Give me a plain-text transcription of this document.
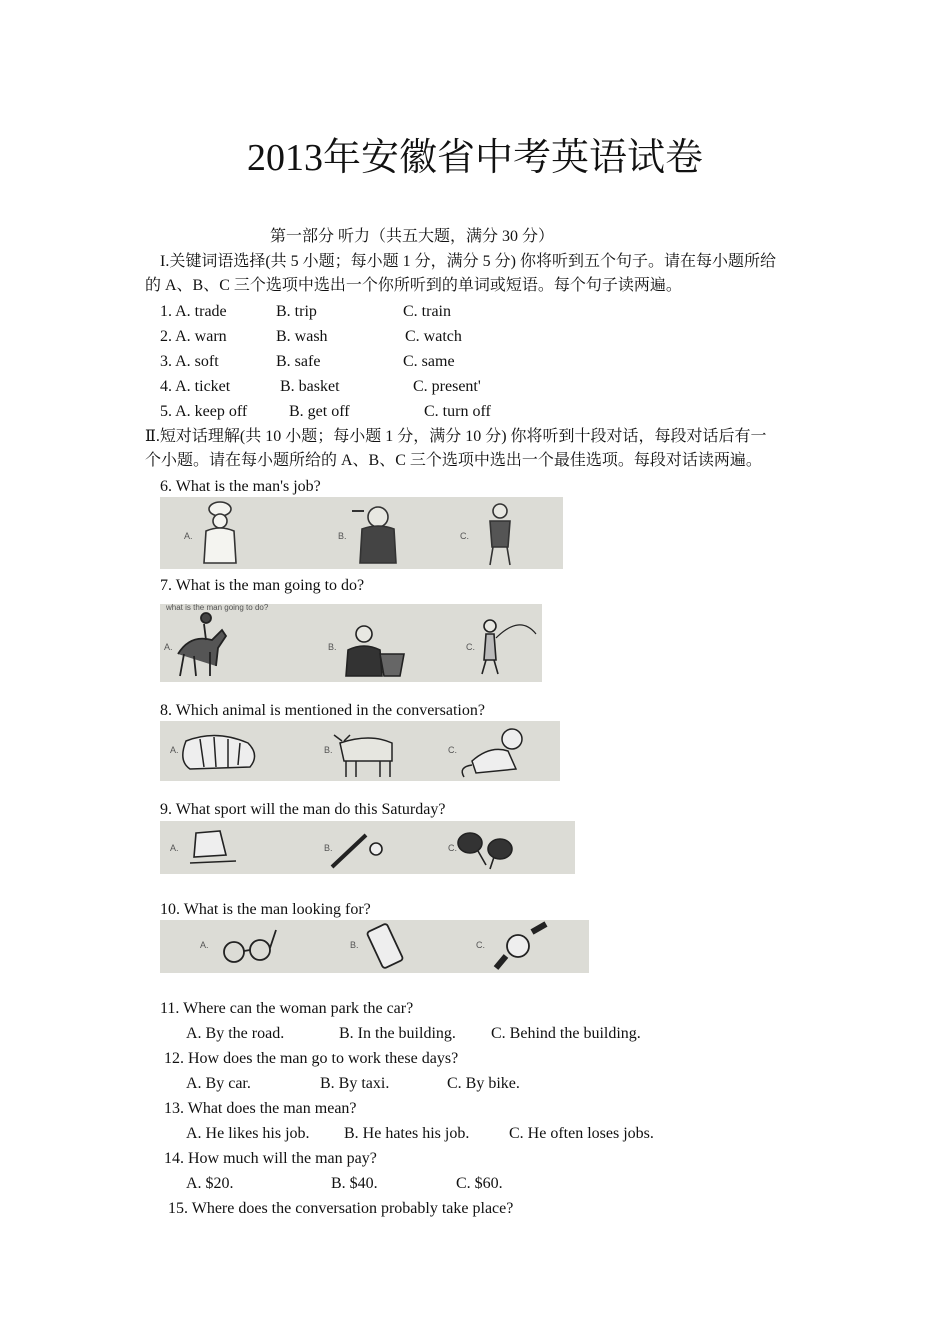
2013年安徽省中考英语试卷
第一部分 听力（共五大题，满分 30 分）
I.关键词语选择(共 5 小题；每小题 1 分，满分 5 分) 你将听到五个句子。请在每小题所给
的 A、B、C 三个选项中选出一个你所听到的单词或短语。每个句子读两遍。
1. A. trade	B. trip	C. train
2. A. warn	B. wash	C. watch
3. A. soft	B. safe	C. same
4. A. ticket	B. basket	C. present'
5. A. keep off	B. get off	C. turn off
Ⅱ.短对话理解(共 10 小题；每小题 1 分，满分 10 分) 你将听到十段对话，每段对话后有一
个小题。请在每小题所给的 A、B、C 三个选项中选出一个最佳选项。每段对话读两遍。
6. What is the man's job?
A.	B.	C.
7. What is the man going to do?
what is the man going to do?
A.	B.	C.
8. Which animal is mentioned in the conversation?
A.	B.	C.
9. What sport will the man do this Saturday?
A.	B.	C.
10. What is the man looking for?
A.	B.	C.
11. Where can the woman park the car?
A. By the road.	B. In the building. C. Behind the building.
12. How does the man go to work these days?
A. By car.	B. By taxi.	C. By bike.
13. What does the man mean?
A. He likes his job. B. He hates his job. C. He often loses jobs.
14. How much will the man pay?
A. $20.	B. $40.	C. $60.
15. Where does the conversation probably take place?
